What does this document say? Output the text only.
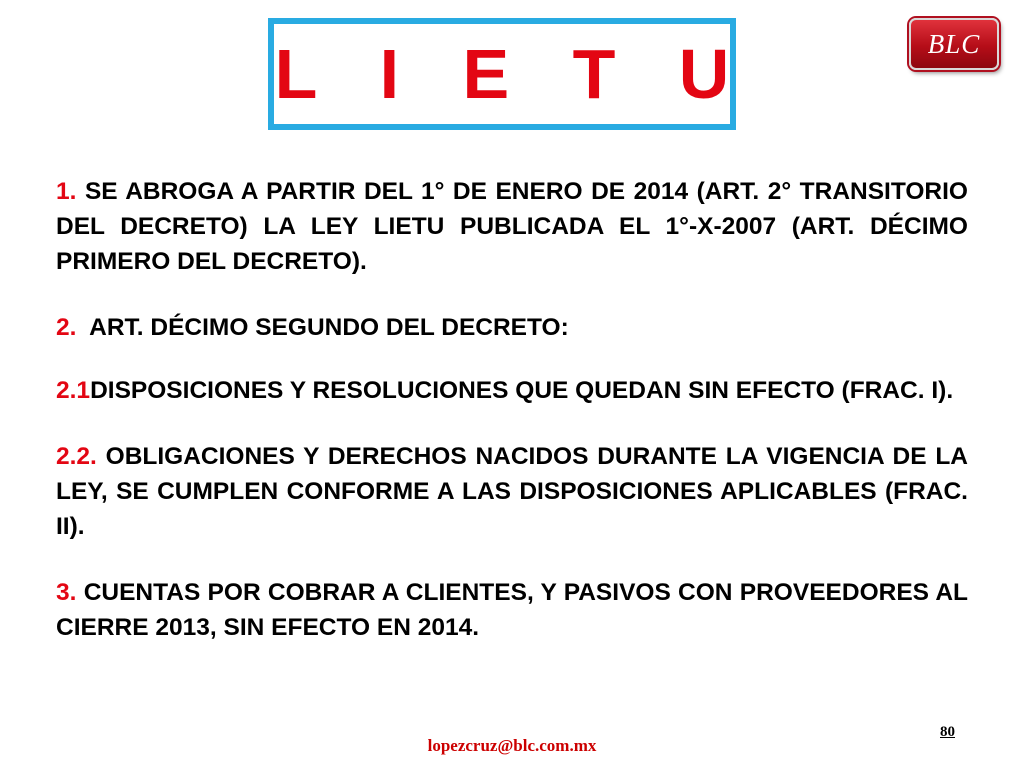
L I E T U	BLC

1. SE ABROGA A PARTIR DEL 1° DE ENERO DE 2014 (ART. 2° TRANSITORIO DEL DECRETO) LA LEY LIETU PUBLICADA EL 1°-X-2007 (ART. DÉCIMO PRIMERO DEL DECRETO).

2.  ART. DÉCIMO SEGUNDO DEL DECRETO:

2.1DISPOSICIONES Y RESOLUCIONES QUE QUEDAN SIN EFECTO (FRAC. I).

2.2. OBLIGACIONES Y DERECHOS NACIDOS DURANTE LA VIGENCIA DE LA LEY, SE CUMPLEN CONFORME A LAS DISPOSICIONES APLICABLES (FRAC. II).

3. CUENTAS POR COBRAR A CLIENTES, Y PASIVOS CON PROVEEDORES AL CIERRE 2013, SIN EFECTO EN 2014.

80
lopezcruz@blc.com.mx
